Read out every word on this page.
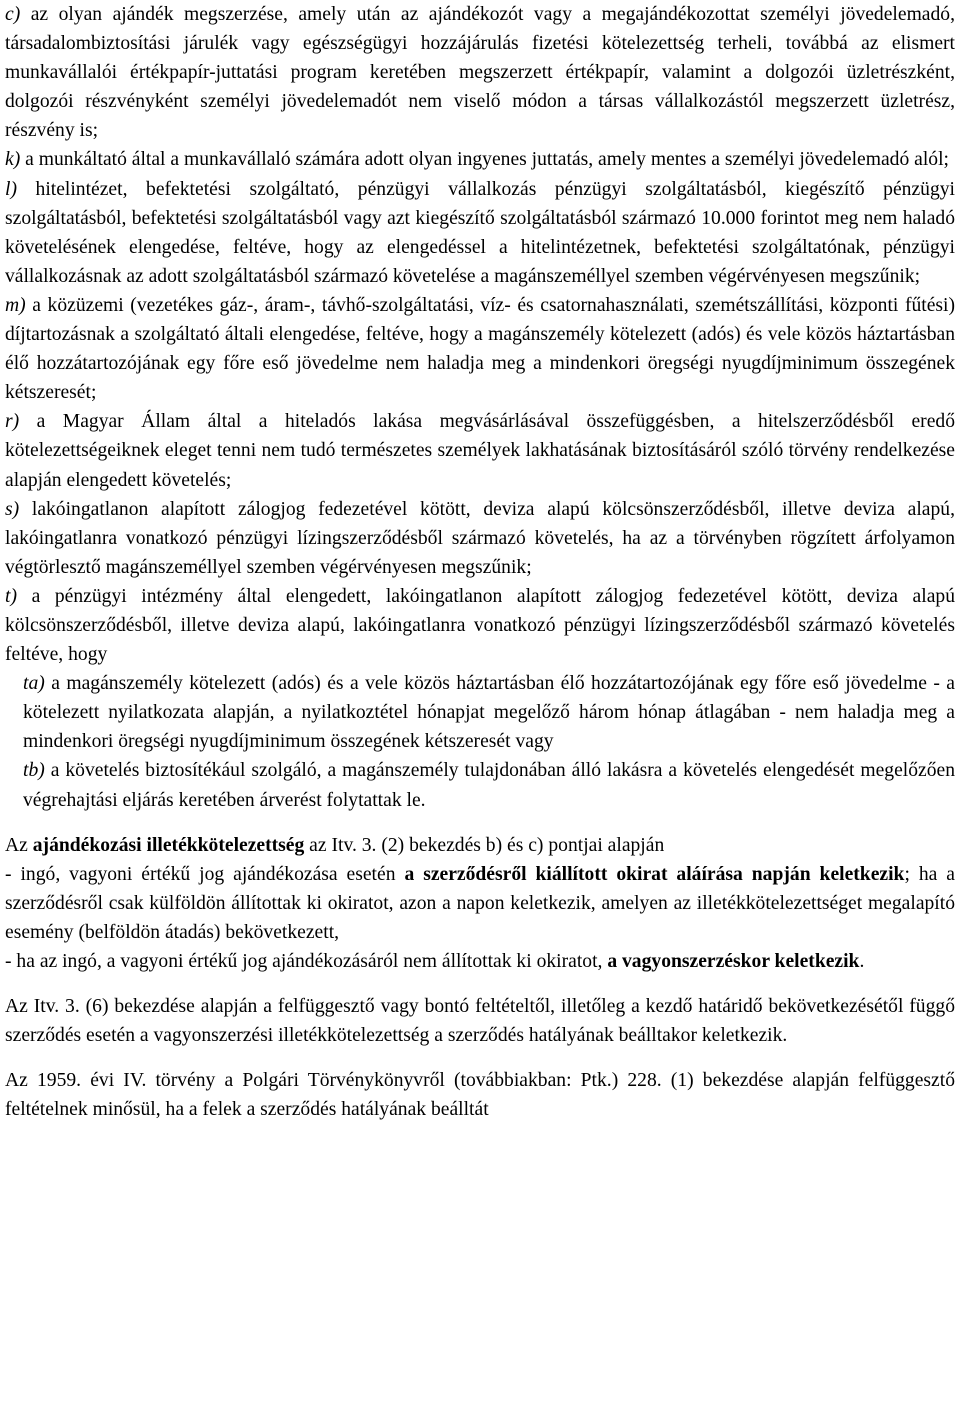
c) az olyan ajándék megszerzése, amely után az ajándékozót vagy a megajándékozottat személyi jövedelemadó, társadalombiztosítási járulék vagy egészségügyi hozzájárulás fizetési kötelezettség terheli, továbbá az elismert munkavállalói értékpapír-juttatási program keretében megszerzett értékpapír, valamint a dolgozói üzletrészként, dolgozói részvényként személyi jövedelemadót nem viselő módon a társas vállalkozástól megszerzett üzletrész, részvény is;

k) a munkáltató által a munkavállaló számára adott olyan ingyenes juttatás, amely mentes a személyi jövedelemadó alól;

l) hitelintézet, befektetési szolgáltató, pénzügyi vállalkozás pénzügyi szolgáltatásból, kiegészítő pénzügyi szolgáltatásból, befektetési szolgáltatásból vagy azt kiegészítő szolgáltatásból származó 10.000 forintot meg nem haladó követelésének elengedése, feltéve, hogy az elengedéssel a hitelintézetnek, befektetési szolgáltatónak, pénzügyi vállalkozásnak az adott szolgáltatásból származó követelése a magánszeméllyel szemben végérvényesen megszűnik;

m) a közüzemi (vezetékes gáz-, áram-, távhő-szolgáltatási, víz- és csatornahasználati, szemétszállítási, központi fűtési) díjtartozásnak a szolgáltató általi elengedése, feltéve, hogy a magánszemély kötelezett (adós) és vele közös háztartásban élő hozzátartozójának egy főre eső jövedelme nem haladja meg a mindenkori öregségi nyugdíjminimum összegének kétszeresét;

r) a Magyar Állam által a hiteladós lakása megvásárlásával összefüggésben, a hitelszerződésből eredő kötelezettségeiknek eleget tenni nem tudó természetes személyek lakhatásának biztosításáról szóló törvény rendelkezése alapján elengedett követelés;

s) lakóingatlanon alapított zálogjog fedezetével kötött, deviza alapú kölcsönszerződésből, illetve deviza alapú, lakóingatlanra vonatkozó pénzügyi lízingszerződésből származó követelés, ha az a törvényben rögzített árfolyamon végtörlesztő magánszeméllyel szemben végérvényesen megszűnik;

t) a pénzügyi intézmény által elengedett, lakóingatlanon alapított zálogjog fedezetével kötött, deviza alapú kölcsönszerződésből, illetve deviza alapú, lakóingatlanra vonatkozó pénzügyi lízingszerződésből származó követelés feltéve, hogy

ta) a magánszemély kötelezett (adós) és a vele közös háztartásban élő hozzátartozójának egy főre eső jövedelme - a kötelezett nyilatkozata alapján, a nyilatkoztétel hónapjat megelőző három hónap átlagában - nem haladja meg a mindenkori öregségi nyugdíjminimum összegének kétszeresét vagy

tb) a követelés biztosítékául szolgáló, a magánszemély tulajdonában álló lakásra a követelés elengedését megelőzően végrehajtási eljárás keretében árverést folytattak le.

Az ajándékozási illetékkötelezettség az Itv. 3. (2) bekezdés b) és c) pontjai alapján

- ingó, vagyoni értékű jog ajándékozása esetén a szerződésről kiállított okirat aláírása napján keletkezik; ha a szerződésről csak külföldön állítottak ki okiratot, azon a napon keletkezik, amelyen az illetékkötelezettséget megalapító esemény (belföldön átadás) bekövetkezett,

- ha az ingó, a vagyoni értékű jog ajándékozásáról nem állítottak ki okiratot, a vagyonszerzéskor keletkezik.

Az Itv. 3. (6) bekezdése alapján a felfüggesztő vagy bontó feltételtől, illetőleg a kezdő határidő bekövetkezésétől függő szerződés esetén a vagyonszerzési illetékkötelezettség a szerződés hatályának beálltakor keletkezik.

Az 1959. évi IV. törvény a Polgári Törvénykönyvről (továbbiakban: Ptk.) 228. (1) bekezdése alapján felfüggesztő feltételnek minősül, ha a felek a szerződés hatályának beálltát
